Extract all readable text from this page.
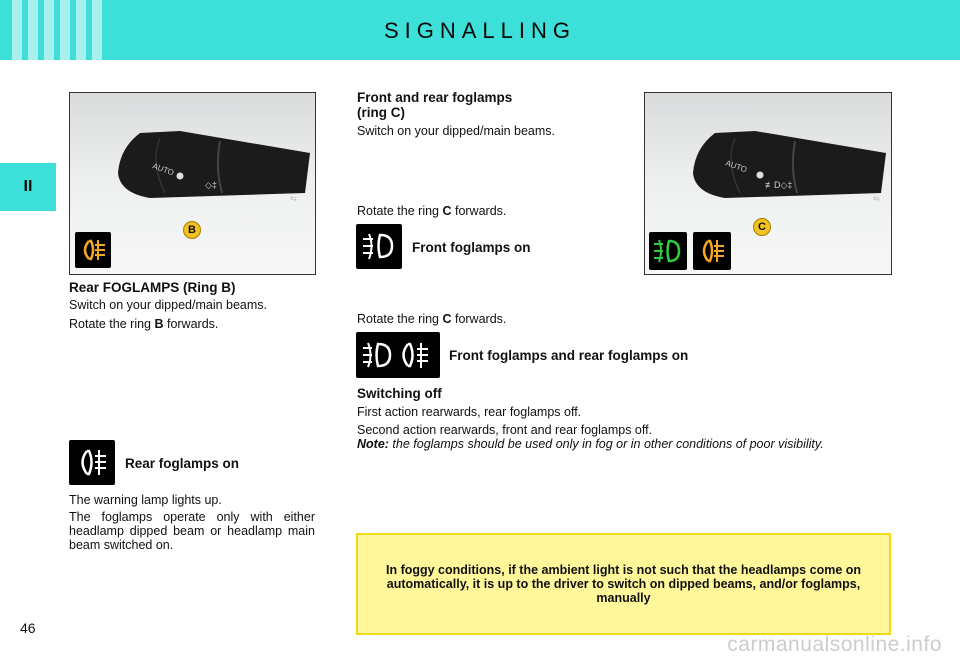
SIGNALLING
II
AUTO
◇‡
⇆
B
AUTO
≢D◇‡
⇆
C
Rear FOGLAMPS (Ring B)
Switch on your dipped/main beams.
Rotate the ring B forwards.
Rear foglamps on
The warning lamp lights up.
The foglamps operate only with either headlamp dipped beam or headlamp main beam switched on.
Front and rear foglamps
(ring C)
Switch on your dipped/main beams.
Rotate the ring C forwards.
Front foglamps on
Rotate the ring C forwards.
Front foglamps and rear foglamps on
Switching off
First action rearwards, rear foglamps off.
Second action rearwards, front and rear foglamps off.
Note: the foglamps should be used only in fog or in other conditions of poor visibility.
In foggy conditions, if the ambient light is not such that the headlamps come on automatically, it is up to the driver to switch on dipped beams, and/or foglamps, manually
46
carmanualsonline.info
